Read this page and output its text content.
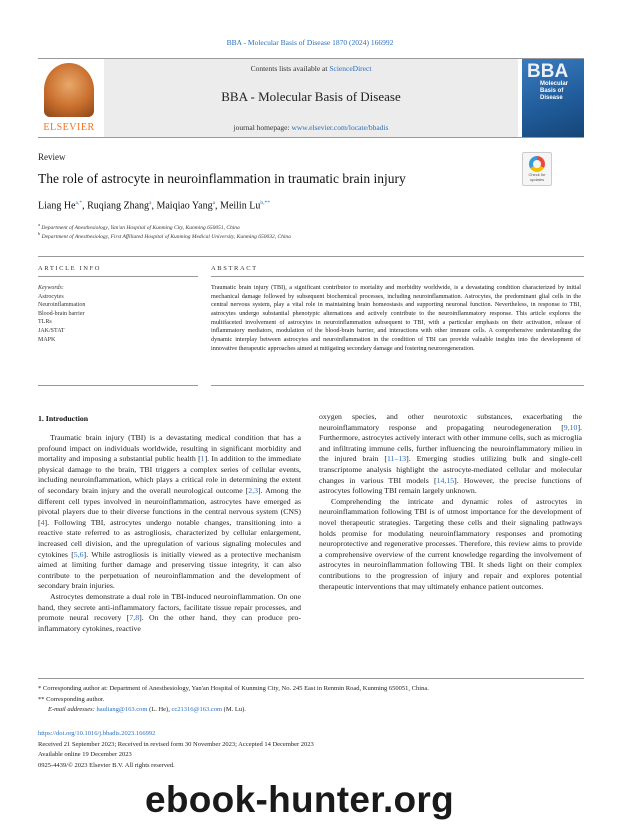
BBA - Molecular Basis of Disease 1870 (2024) 166992
ELSEVIER
Contents lists available at ScienceDirect
BBA - Molecular Basis of Disease
journal homepage: www.elsevier.com/locate/bbadis
BBA
Molecular Basis of Disease
Review
The role of astrocyte in neuroinflammation in traumatic brain injury	Check for
updates
Liang $He^{a,*}$, Ruqiang Zhang$^a$, Maiqiao Yang$^a$, Meilin $Lu^{b,**}$
$^a$ Department of Anesthesiology, Yan'an Hospital of Kunming City, Kunming 650051, China
$^b$ Department of Anesthesiology, First Affiliated Hospital of Kunming Medical University, Kunming 650032, China
ARTICLE INFO	ABSTRACT
Keywords:
Astrocytes
Neuroinflammation
Blood-brain barrier
TLRs
JAK/STAT
MAPK
Traumatic brain injury (TBI), a significant contributor to mortality and morbidity worldwide, is a devastating condition characterized by initial mechanical damage followed by subsequent biochemical processes, including neuroinflammation. Astrocytes, the predominant glial cells in the central nervous system, play a vital role in maintaining brain homeostasis and supporting neuronal function. Nevertheless, in response to TBI, astrocytes undergo substantial phenotypic alternations and actively contribute to the neuroinflammatory response. This article explores the multifaceted involvement of astrocytes in neuroinflammation subsequent to TBI, with a particular emphasis on their activation, release of inflammatory mediators, modulation of the blood-brain barrier, and interactions with other immune cells. A comprehensive understanding the dynamic interplay between astrocytes and neuroinflammation in the condition of TBI can provide valuable insights into the development of innovative therapeutic approaches aimed at mitigating secondary damage and fostering neuroregeneration.
1. Introduction

Traumatic brain injury (TBI) is a devastating medical condition that has a profound impact on individuals worldwide, resulting in significant morbidity and mortality and imposing a substantial public health [1]. In addition to the immediate physical damage to the brain, TBI triggers a complex series of cellular events, including neuroinflammation, which plays a critical role in determining the extent of secondary brain injury and the overall neurological outcome [2,3]. Among the different cell types involved in neuroinflammation, astrocytes have emerged as pivotal players due to their diverse functions in the central nervous system (CNS) [4]. Following TBI, astrocytes undergo notable changes, transitioning into a reactive state referred to as astrogliosis, characterized by cellular enlargement, increased cell division, and the upregulation of various signaling molecules and cytokines [5,6]. While astrogliosis is initially viewed as a protective mechanism aimed at limiting further damage and preserving tissue integrity, it can also contribute to the perpetuation of neuroinflammation and the development of secondary brain injuries.

Astrocytes demonstrate a dual role in TBI-induced neuroinflammation. On one hand, they secrete anti-inflammatory factors, facilitate tissue repair processes, and promote neural recovery [7,8]. On the other hand, they can produce pro-inflammatory cytokines, reactive

oxygen species, and other neurotoxic substances, exacerbating the neuroinflammatory response and propagating neurodegeneration [9,10]. Furthermore, astrocytes actively interact with other immune cells, such as microglia and infiltrating immune cells, further influencing the neuroinflammatory milieu in the injured brain [11–13]. Emerging studies utilizing bulk and single-cell transcriptome analysis highlight the astrocyte-mediated cellular and molecular changes in various TBI models [14,15]. However, the precise functions of astrocytes following TBI remain largely unknown.

Comprehending the intricate and dynamic roles of astrocytes in neuroinflammation following TBI is of utmost importance for the development of novel therapeutic strategies. Targeting these cells and their signaling pathways holds promise for modulating neuroinflammatory responses and promoting neuroprotective and regenerative processes. Therefore, this review aims to provide a comprehensive overview of the current knowledge regarding the involvement of astrocytes in neuroinflammation following TBI. It sheds light on their complex contributions to the progression of injury and repair and explores potential therapeutic interventions that may ultimately enhance patient outcomes.

* Corresponding author at: Department of Anesthesiology, Yan'an Hospital of Kunming City, No. 245 East in Renmin Road, Kunming 650051, China.
** Corresponding author.
E-mail addresses: hauliang@163.com (L. He), cc21316@163.com (M. Lu).
https://doi.org/10.1016/j.bbadis.2023.166992
Received 21 September 2023; Received in revised form 30 November 2023; Accepted 14 December 2023
Available online 19 December 2023
0925-4439/© 2023 Elsevier B.V. All rights reserved.
ebook-hunter.org
